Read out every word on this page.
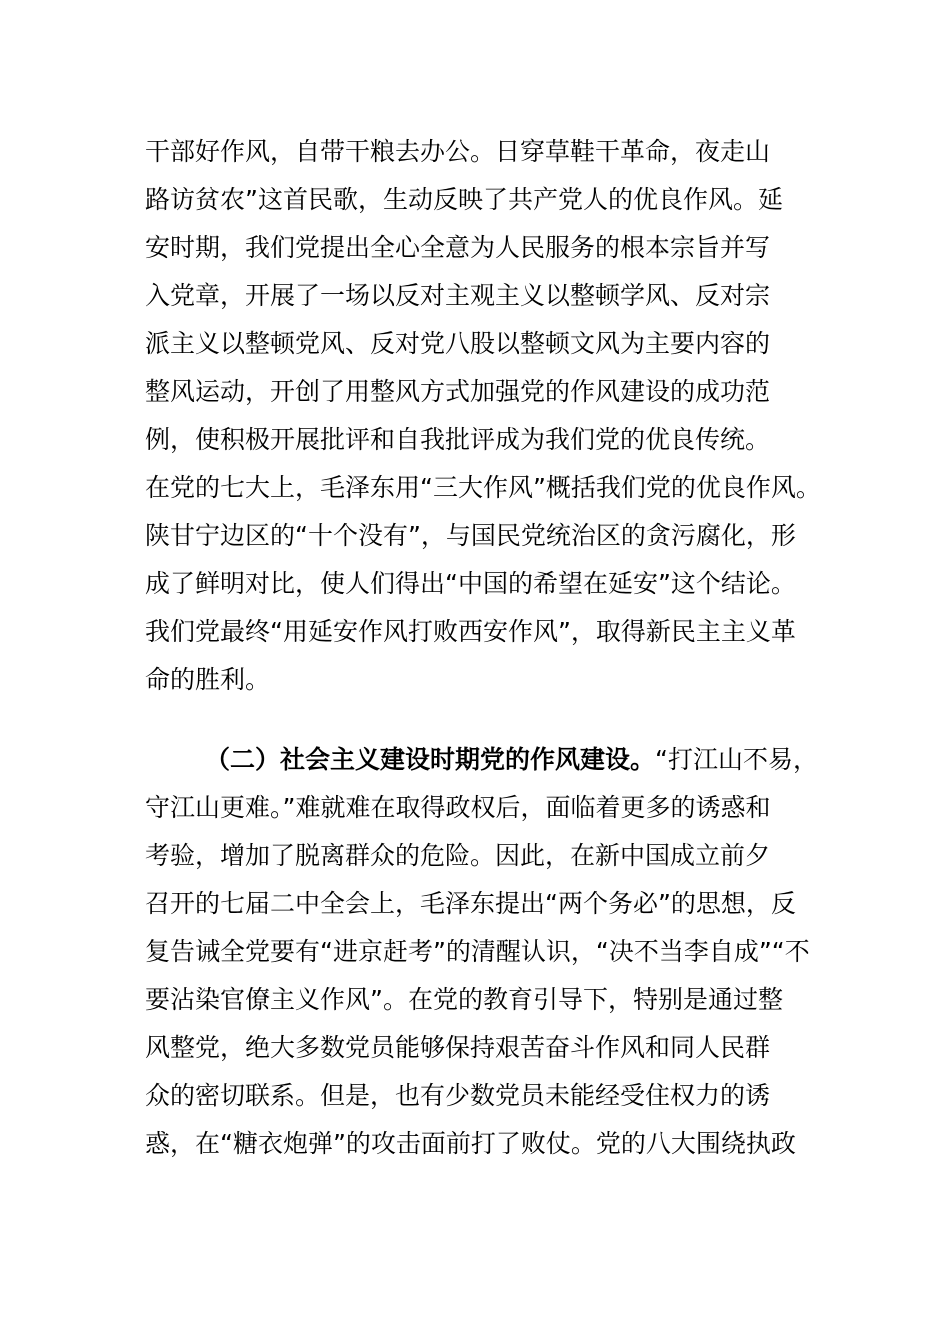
干部好作风，自带干粮去办公。日穿草鞋干革命，夜走山
路访贫农”这首民歌，生动反映了共产党人的优良作风。延
安时期，我们党提出全心全意为人民服务的根本宗旨并写
入党章，开展了一场以反对主观主义以整顿学风、反对宗
派主义以整顿党风、反对党八股以整顿文风为主要内容的
整风运动，开创了用整风方式加强党的作风建设的成功范
例，使积极开展批评和自我批评成为我们党的优良传统。
在党的七大上，毛泽东用“三大作风”概括我们党的优良作风。
陕甘宁边区的“十个没有”，与国民党统治区的贪污腐化，形
成了鲜明对比，使人们得出“中国的希望在延安”这个结论。
我们党最终“用延安作风打败西安作风”，取得新民主主义革
命的胜利。
（二）社会主义建设时期党的作风建设。“打江山不易，
守江山更难。”难就难在取得政权后，面临着更多的诱惑和
考验，增加了脱离群众的危险。因此，在新中国成立前夕
召开的七届二中全会上，毛泽东提出“两个务必”的思想，反
复告诫全党要有“进京赶考”的清醒认识，“决不当李自成”“不
要沾染官僚主义作风”。在党的教育引导下，特别是通过整
风整党，绝大多数党员能够保持艰苦奋斗作风和同人民群
众的密切联系。但是，也有少数党员未能经受住权力的诱
惑，在“糖衣炮弹”的攻击面前打了败仗。党的八大围绕执政
